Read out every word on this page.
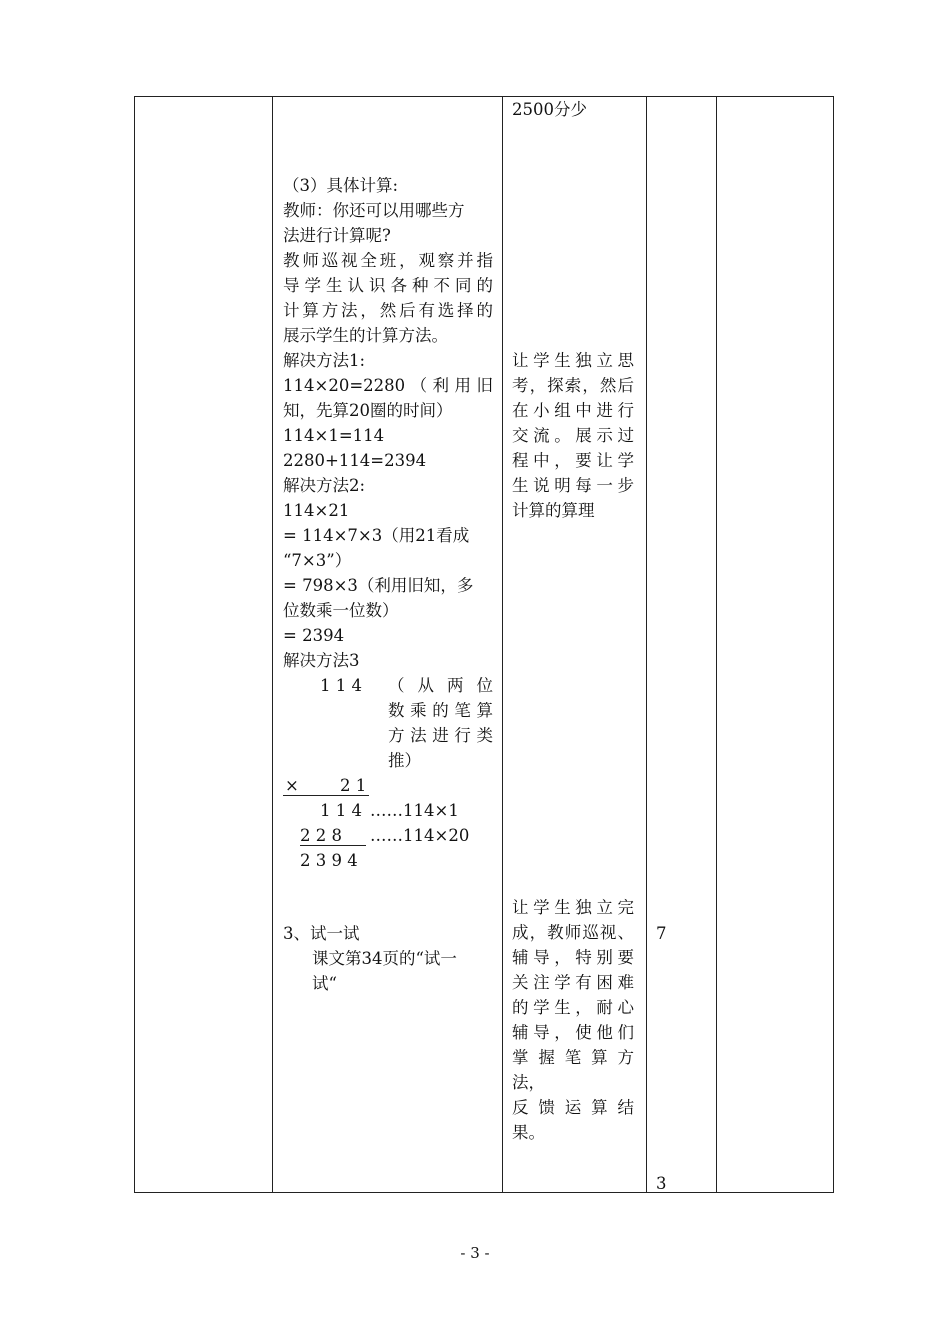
2500分少
（3）具体计算:
教师：你还可以用哪些方
法进行计算呢?
教师巡视全班，观察并指
导学生认识各种不同的
计算方法，然后有选择的
展示学生的计算方法。
解决方法1:
114×20=2280（利用旧
知，先算20圈的时间）
114×1=114
2280+114=2394
解决方法2:
114×21
= 114×7×3（用21看成
“7×3”）
= 798×3（利用旧知，多
位数乘一位数）
= 2394
解决方法3
1 1 4 （从两位
数乘的笔算
方法进行类
推）
× 2 1
1 1 4 ……114×1
2 2 8 ……114×20
2 3 9 4
3、试一试
课文第34页的“试一
试“
让学生独立思
考，探索，然后
在小组中进行
交流。展示过
程中，要让学
生说明每一步
计算的算理
让学生独立完
成，教师巡视、
辅导，特别要
关注学有困难
的学生，耐心
辅导，使他们
掌握笔算方
法，
反馈运算结
果。
7
3
- 3 -
